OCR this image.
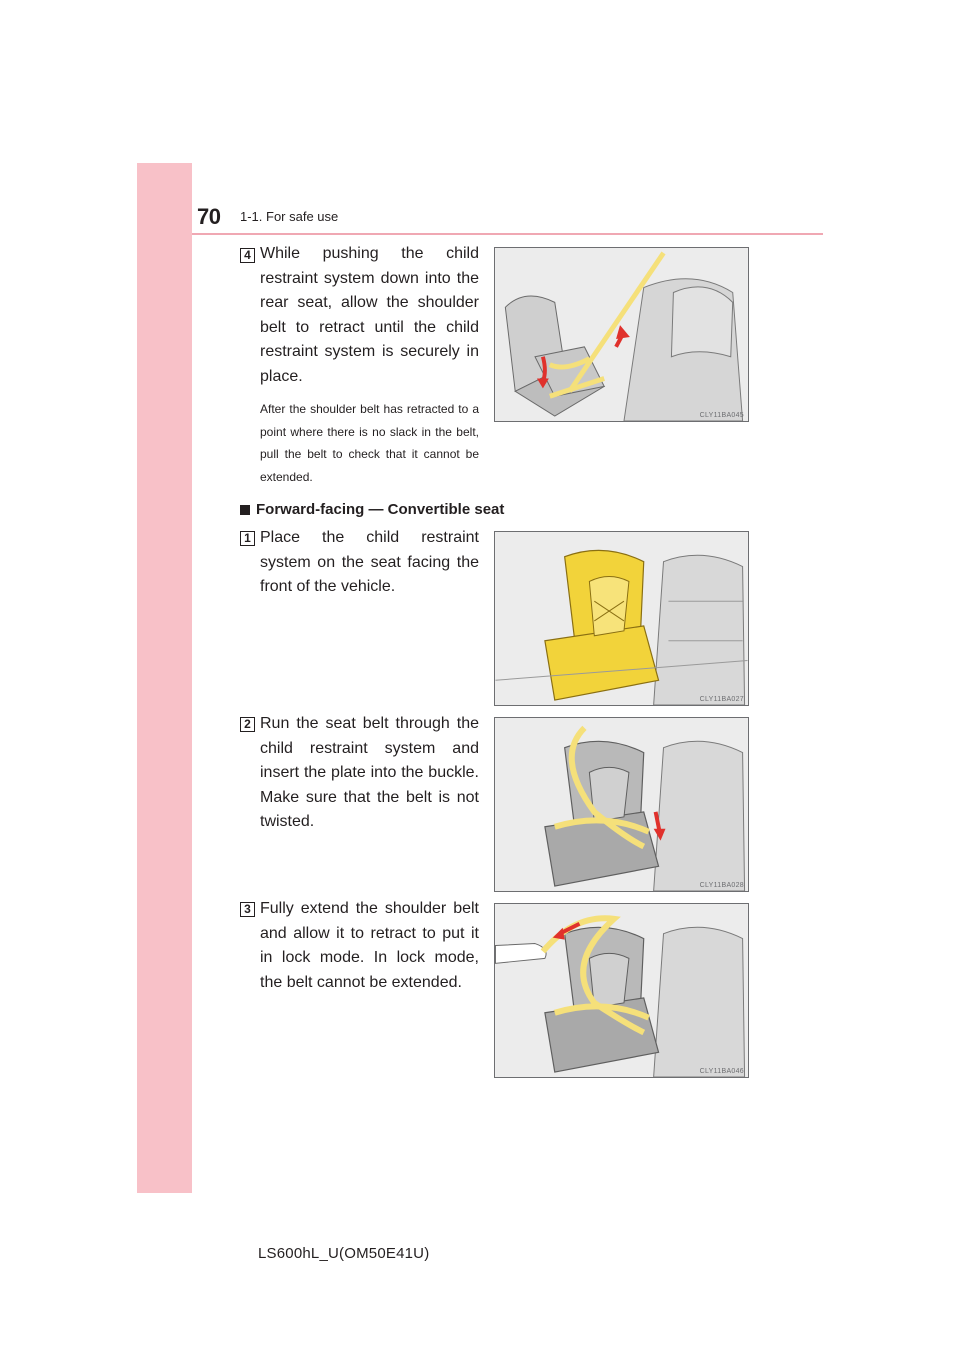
70 1-1. For safe use
4 While pushing the child restraint system down into the rear seat, allow the shoulder belt to retract until the child restraint system is securely in place.
After the shoulder belt has retracted to a point where there is no slack in the belt, pull the belt to check that it cannot be extended.
CLY11BA045
Forward-facing — Convertible seat
1 Place the child restraint system on the seat facing the front of the vehicle.
CLY11BA027
2 Run the seat belt through the child restraint system and insert the plate into the buckle. Make sure that the belt is not twisted.
CLY11BA028
3 Fully extend the shoulder belt and allow it to retract to put it in lock mode. In lock mode, the belt cannot be extended.
CLY11BA046
LS600hL_U(OM50E41U)
